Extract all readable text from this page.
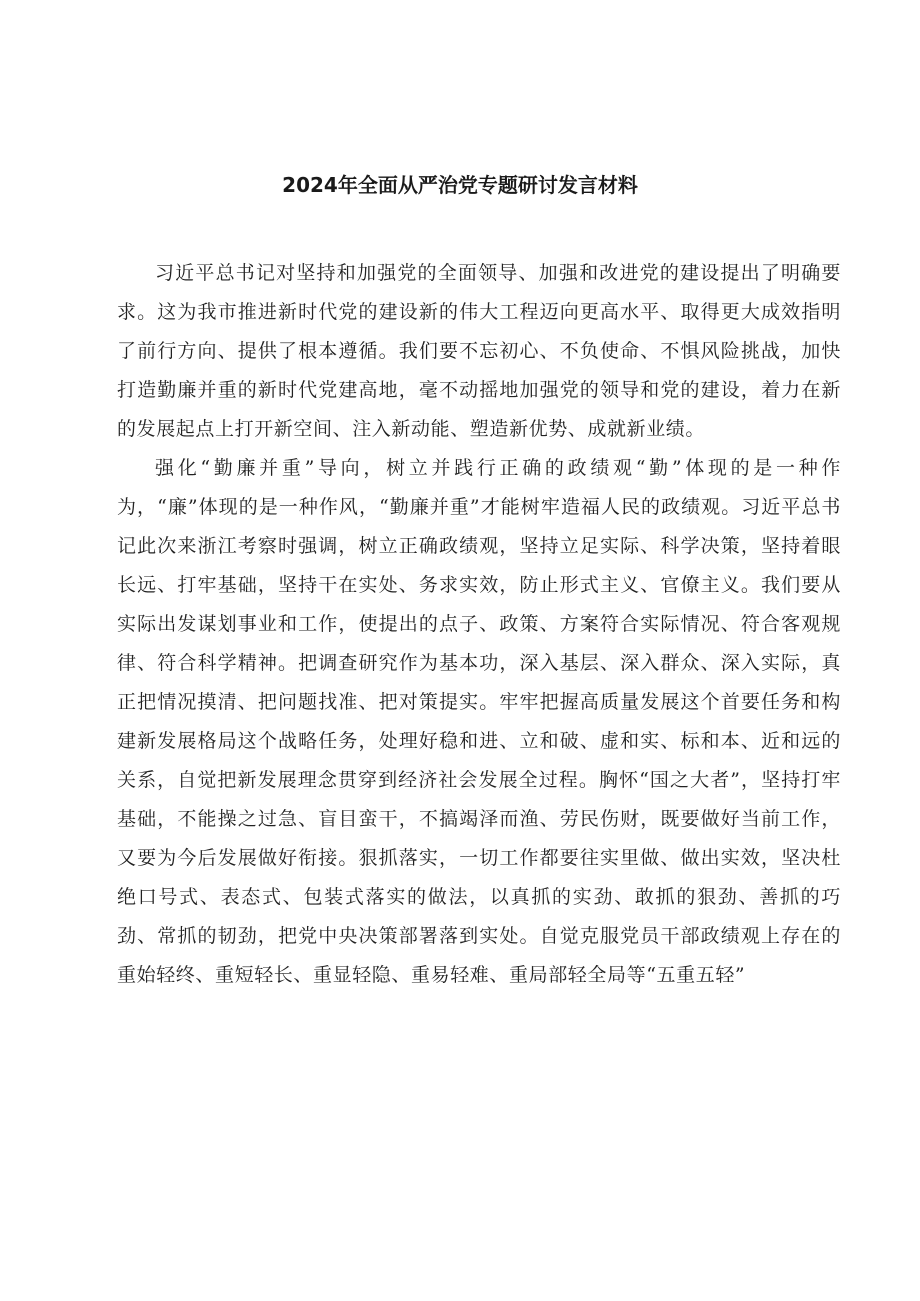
2024年全面从严治党专题研讨发言材料

习近平总书记对坚持和加强党的全面领导、加强和改进党的建设提出了明确要求。这为我市推进新时代党的建设新的伟大工程迈向更高水平、取得更大成效指明了前行方向、提供了根本遵循。我们要不忘初心、不负使命、不惧风险挑战，加快打造勤廉并重的新时代党建高地，毫不动摇地加强党的领导和党的建设，着力在新的发展起点上打开新空间、注入新动能、塑造新优势、成就新业绩。

强化“勤廉并重”导向，树立并践行正确的政绩观“勤”体现的是一种作为，“廉”体现的是一种作风，“勤廉并重”才能树牢造福人民的政绩观。习近平总书记此次来浙江考察时强调，树立正确政绩观，坚持立足实际、科学决策，坚持着眼长远、打牢基础，坚持干在实处、务求实效，防止形式主义、官僚主义。我们要从实际出发谋划事业和工作，使提出的点子、政策、方案符合实际情况、符合客观规律、符合科学精神。把调查研究作为基本功，深入基层、深入群众、深入实际，真正把情况摸清、把问题找准、把对策提实。牢牢把握高质量发展这个首要任务和构建新发展格局这个战略任务，处理好稳和进、立和破、虚和实、标和本、近和远的关系，自觉把新发展理念贯穿到经济社会发展全过程。胸怀“国之大者”，坚持打牢基础，不能操之过急、盲目蛮干，不搞竭泽而渔、劳民伤财，既要做好当前工作，又要为今后发展做好衔接。狠抓落实，一切工作都要往实里做、做出实效，坚决杜绝口号式、表态式、包装式落实的做法，以真抓的实劲、敢抓的狠劲、善抓的巧劲、常抓的韧劲，把党中央决策部署落到实处。自觉克服党员干部政绩观上存在的重始轻终、重短轻长、重显轻隐、重易轻难、重局部轻全局等“五重五轻”
